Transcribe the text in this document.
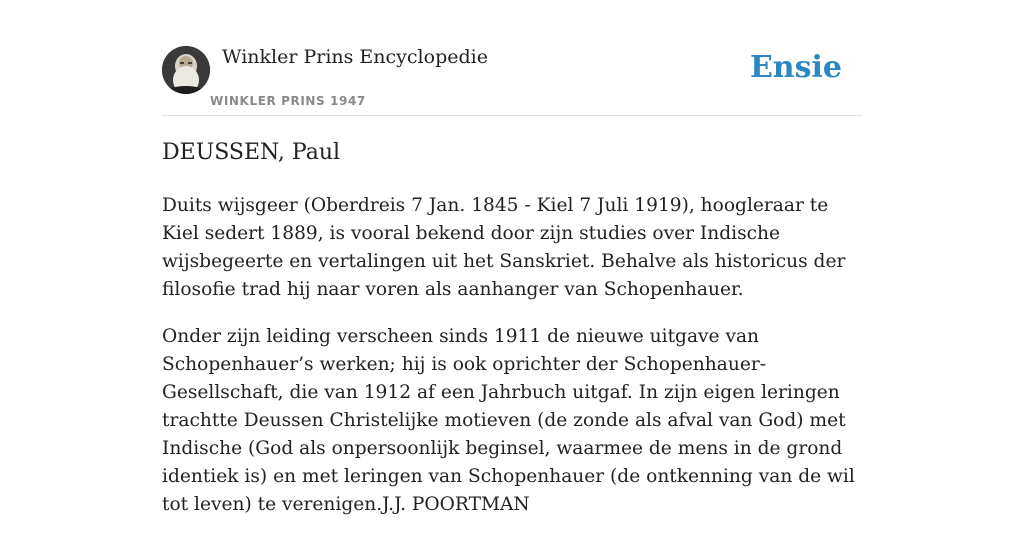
Winkler Prins Encyclopedie
WINKLER PRINS 1947
Ensie
DEUSSEN, Paul

Duits wijsgeer (Oberdreis 7 Jan. 1845 - Kiel 7 Juli 1919), hoogleraar te Kiel sedert 1889, is vooral bekend door zijn studies over Indische wijsbegeerte en vertalingen uit het Sanskriet. Behalve als historicus der filosofie trad hij naar voren als aanhanger van Schopenhauer.

Onder zijn leiding verscheen sinds 1911 de nieuwe uitgave van Schopenhauer’s werken; hij is ook oprichter der Schopenhauer-Gesellschaft, die van 1912 af een Jahrbuch uitgaf. In zijn eigen leringen trachtte Deussen Christelijke motieven (de zonde als afval van God) met Indische (God als onpersoonlijk beginsel, waarmee de mens in de grond identiek is) en met leringen van Schopenhauer (de ontkenning van de wil tot leven) te verenigen.J.J. POORTMAN
